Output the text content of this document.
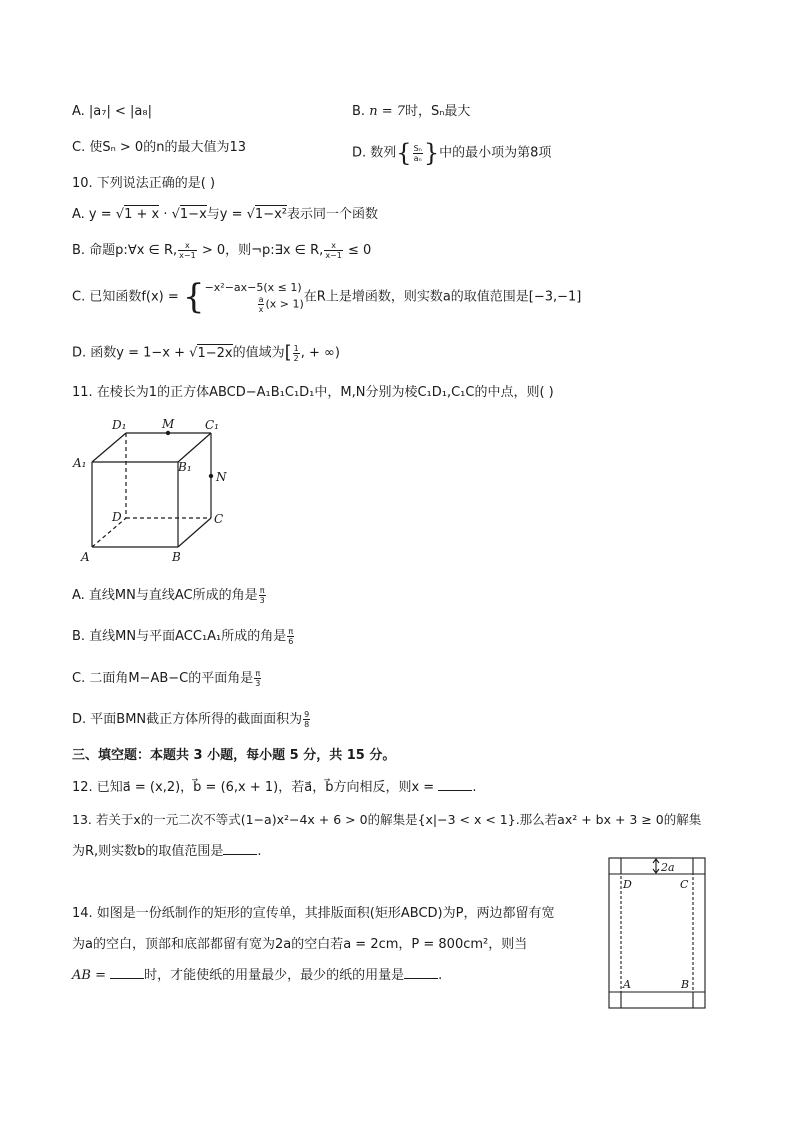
A. |a₇| < |a₈|	B. n = 7时，Sₙ最大
C. 使Sₙ > 0的n的最大值为13	D. 数列{ $\frac{\text{Sₙ}}{\text{aₙ}}$ }中的最小项为第8项
10. 下列说法正确的是( )
A. y = √1 + x · √1−x与y = √1−x²表示同一个函数
B. 命题p:∀x ∈ R, $\frac{x}{x-1} > 0$，则¬p:∃x ∈ R, $\frac{x}{x-1} \le 0$
C. 已知函数f(x) = { −x²−ax−5(x ≤ 1)
$\frac{a}{x} (x > 1)$ 在R上是增函数，则实数a的取值范围是[−3,−1]
D. 函数y = 1−x + √1−2x的值域为[ $\frac{1}{2}$ , + ∞)
11. 在棱长为1的正方体ABCD−A₁B₁C₁D₁中，M,N分别为棱C₁D₁,C₁C的中点，则( )
D₁	M	C₁
A₁	B₁
N
D	C
A	B
A. 直线MN与直线AC所成的角是 $\frac{\pi}{3}$
B. 直线MN与平面ACC₁A₁所成的角是 $\frac{\pi}{6}$
C. 二面角M−AB−C的平面角是 $\frac{\pi}{3}$
D. 平面BMN截正方体所得的截面面积为 $\frac{9}{8}$
三、填空题：本题共 3 小题，每小题 5 分，共 15 分。
12. 已知a⃗ = (x,2)，b⃗ = (6,x + 1)，若a⃗，b⃗方向相反，则x =	.
13. 若关于x的一元二次不等式(1−a)x²−4x + 6 > 0的解集是{x|−3 < x < 1}.那么若ax² + bx + 3 ≥ 0的解集
为R,则实数b的取值范围是	.
14. 如图是一份纸制作的矩形的宣传单，其排版面积(矩形ABCD)为P，两边都留有宽
为a的空白，顶部和底部都留有宽为2a的空白若a = 2cm，P = 800cm²，则当
AB =	时，才能使纸的用量最少，最少的纸的用量是	.
2a
D	C
A	B
